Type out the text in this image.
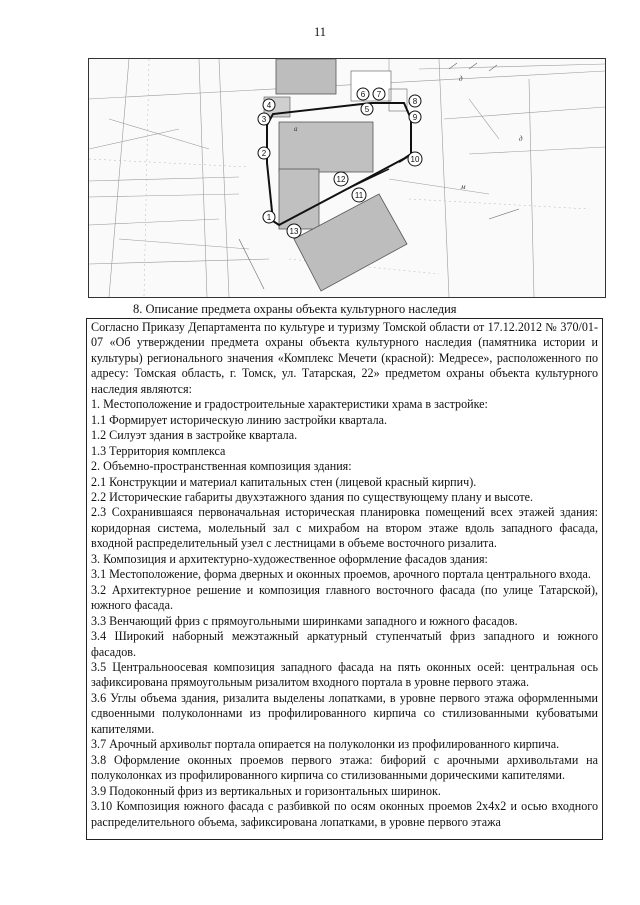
11
1
2
3
4	5
6 7
8
9
10
11
12
13
a
д
д
м
8. Описание предмета охраны объекта культурного наследия

Согласно Приказу Департамента по культуре и туризму Томской области от 17.12.2012 № 370/01-07 «Об утверждении предмета охраны объекта культурного наследия (памятника истории и культуры) регионального значения «Комплекс Мечети (красной): Медресе», расположенного по адресу: Томская область, г. Томск, ул. Татарская, 22» предметом охраны объекта культурного наследия являются:

1. Местоположение и градостроительные характеристики храма в застройке:

1.1 Формирует историческую линию застройки квартала.

1.2 Силуэт здания в застройке квартала.

1.3 Территория комплекса

2. Объемно-пространственная композиция здания:

2.1 Конструкции и материал капитальных стен (лицевой красный кирпич).

2.2 Исторические габариты двухэтажного здания по существующему плану и высоте.

2.3 Сохранившаяся первоначальная историческая планировка помещений всех этажей здания: коридорная система, молельный зал с михрабом на втором этаже вдоль западного фасада, входной распределительный узел с лестницами в объеме восточного ризалита.

3. Композиция и архитектурно-художественное оформление фасадов здания:

3.1 Местоположение, форма дверных и оконных проемов, арочного портала центрального входа.

3.2 Архитектурное решение и композиция главного восточного фасада (по улице Татарской), южного фасада.

3.3 Венчающий фриз с прямоугольными ширинками западного и южного фасадов.

3.4 Широкий наборный межэтажный аркатурный ступенчатый фриз западного и южного фасадов.

3.5 Центральноосевая композиция западного фасада на пять оконных осей: центральная ось зафиксирована прямоугольным ризалитом входного портала в уровне первого этажа.

3.6 Углы объема здания, ризалита выделены лопатками, в уровне первого этажа оформленными сдвоенными полуколоннами из профилированного кирпича со стилизованными кубоватыми капителями.

3.7 Арочный архивольт портала опирается на полуколонки из профилированного кирпича.

3.8 Оформление оконных проемов первого этажа: бифорий с арочными архивольтами на полуколонках из профилированного кирпича со стилизованными дорическими капителями.

3.9 Подоконный фриз из вертикальных и горизонтальных ширинок.

3.10 Композиция южного фасада с разбивкой по осям оконных проемов 2x4x2 и осью входного распределительного объема, зафиксирована лопатками, в уровне первого этажа
